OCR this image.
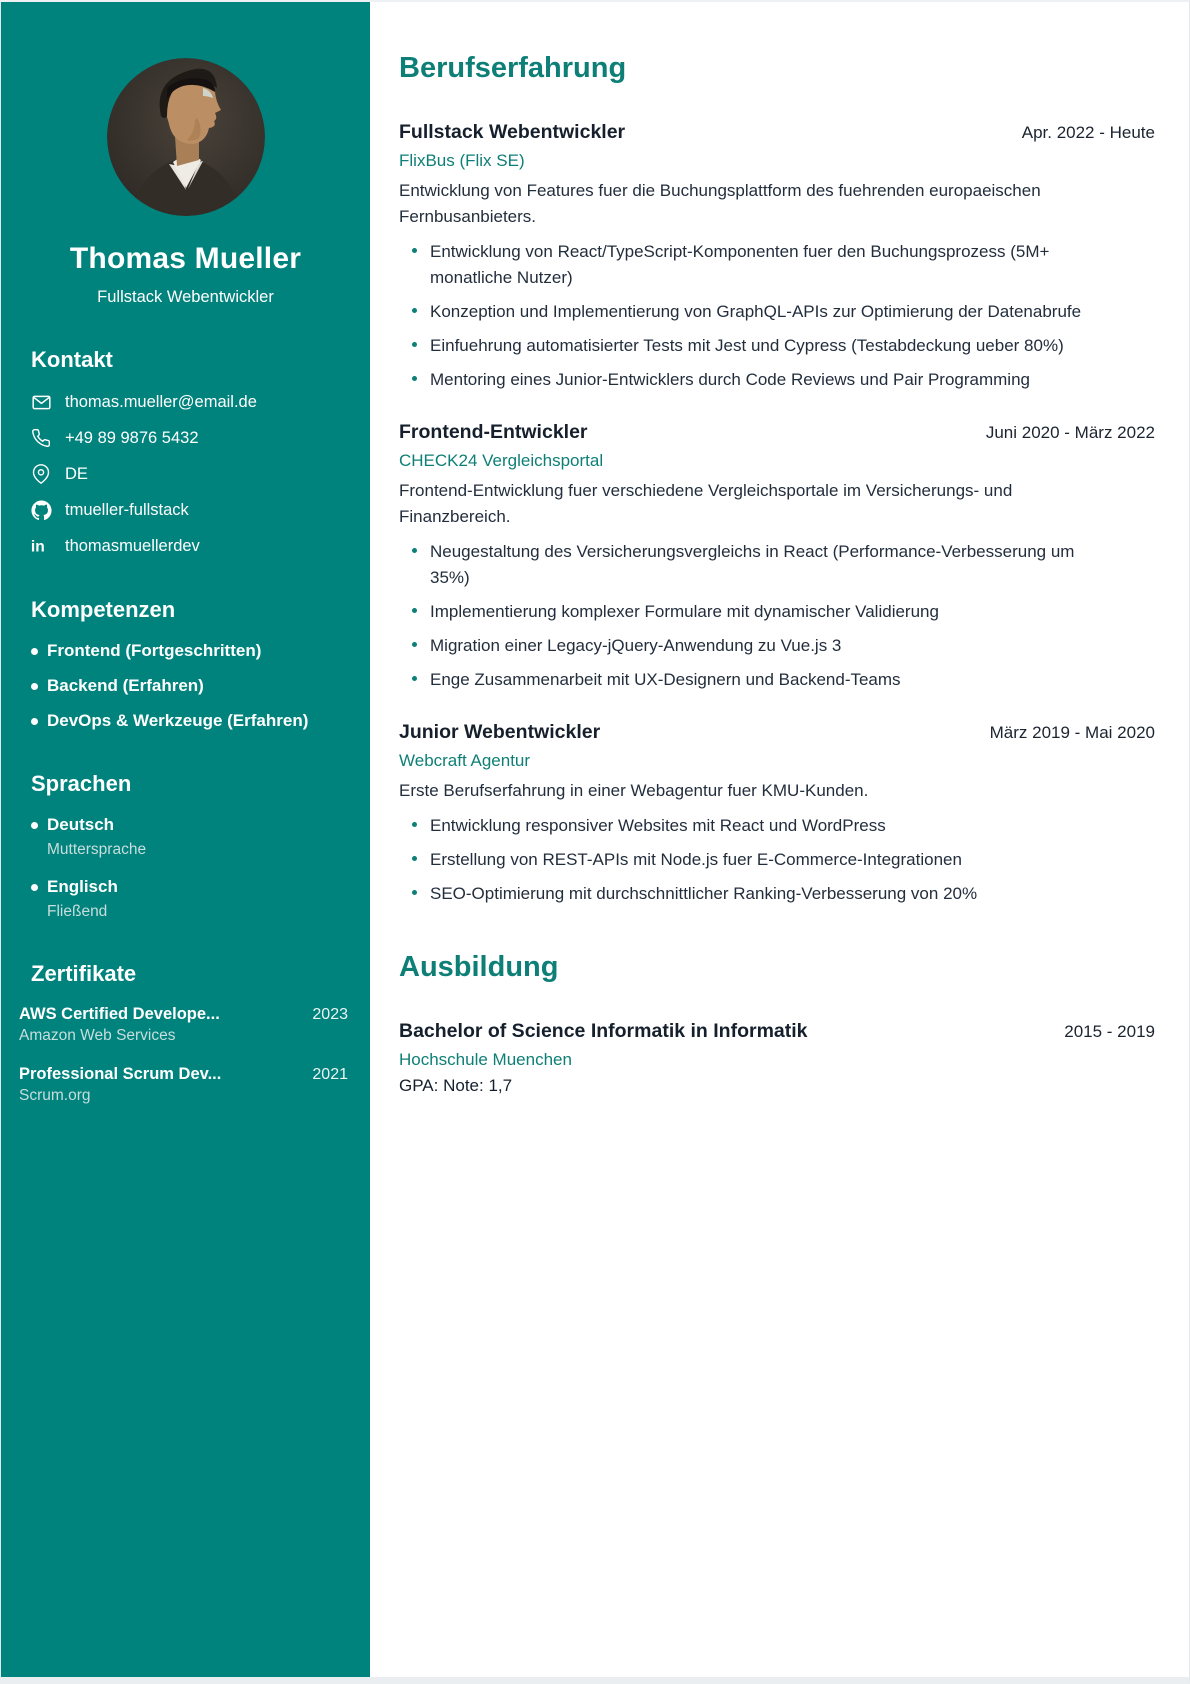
Thomas Mueller
Fullstack Webentwickler
Kontakt
thomas.mueller@email.de
+49 89 9876 5432
DE
tmueller-fullstack
in thomasmuellerdev
Kompetenzen
Frontend (Fortgeschritten)
Backend (Erfahren)
DevOps & Werkzeuge (Erfahren)
Sprachen
Deutsch
Muttersprache
Englisch
Fließend
Zertifikate
AWS Certified Develope...	2023
Amazon Web Services
Professional Scrum Dev...	2021
Scrum.org
Berufserfahrung
Fullstack Webentwickler	Apr. 2022 - Heute
FlixBus (Flix SE)
Entwicklung von Features fuer die Buchungsplattform des fuehrenden europaeischen Fernbusanbieters.
Entwicklung von React/TypeScript-Komponenten fuer den Buchungsprozess (5M+ monatliche Nutzer)
Konzeption und Implementierung von GraphQL-APIs zur Optimierung der Datenabrufe
Einfuehrung automatisierter Tests mit Jest und Cypress (Testabdeckung ueber 80%)
Mentoring eines Junior-Entwicklers durch Code Reviews und Pair Programming
Frontend-Entwickler	Juni 2020 - März 2022
CHECK24 Vergleichsportal
Frontend-Entwicklung fuer verschiedene Vergleichsportale im Versicherungs- und Finanzbereich.
Neugestaltung des Versicherungsvergleichs in React (Performance-Verbesserung um 35%)
Implementierung komplexer Formulare mit dynamischer Validierung
Migration einer Legacy-jQuery-Anwendung zu Vue.js 3
Enge Zusammenarbeit mit UX-Designern und Backend-Teams
Junior Webentwickler	März 2019 - Mai 2020
Webcraft Agentur
Erste Berufserfahrung in einer Webagentur fuer KMU-Kunden.
Entwicklung responsiver Websites mit React und WordPress
Erstellung von REST-APIs mit Node.js fuer E-Commerce-Integrationen
SEO-Optimierung mit durchschnittlicher Ranking-Verbesserung von 20%
Ausbildung
Bachelor of Science Informatik in Informatik	2015 - 2019
Hochschule Muenchen
GPA: Note: 1,7
